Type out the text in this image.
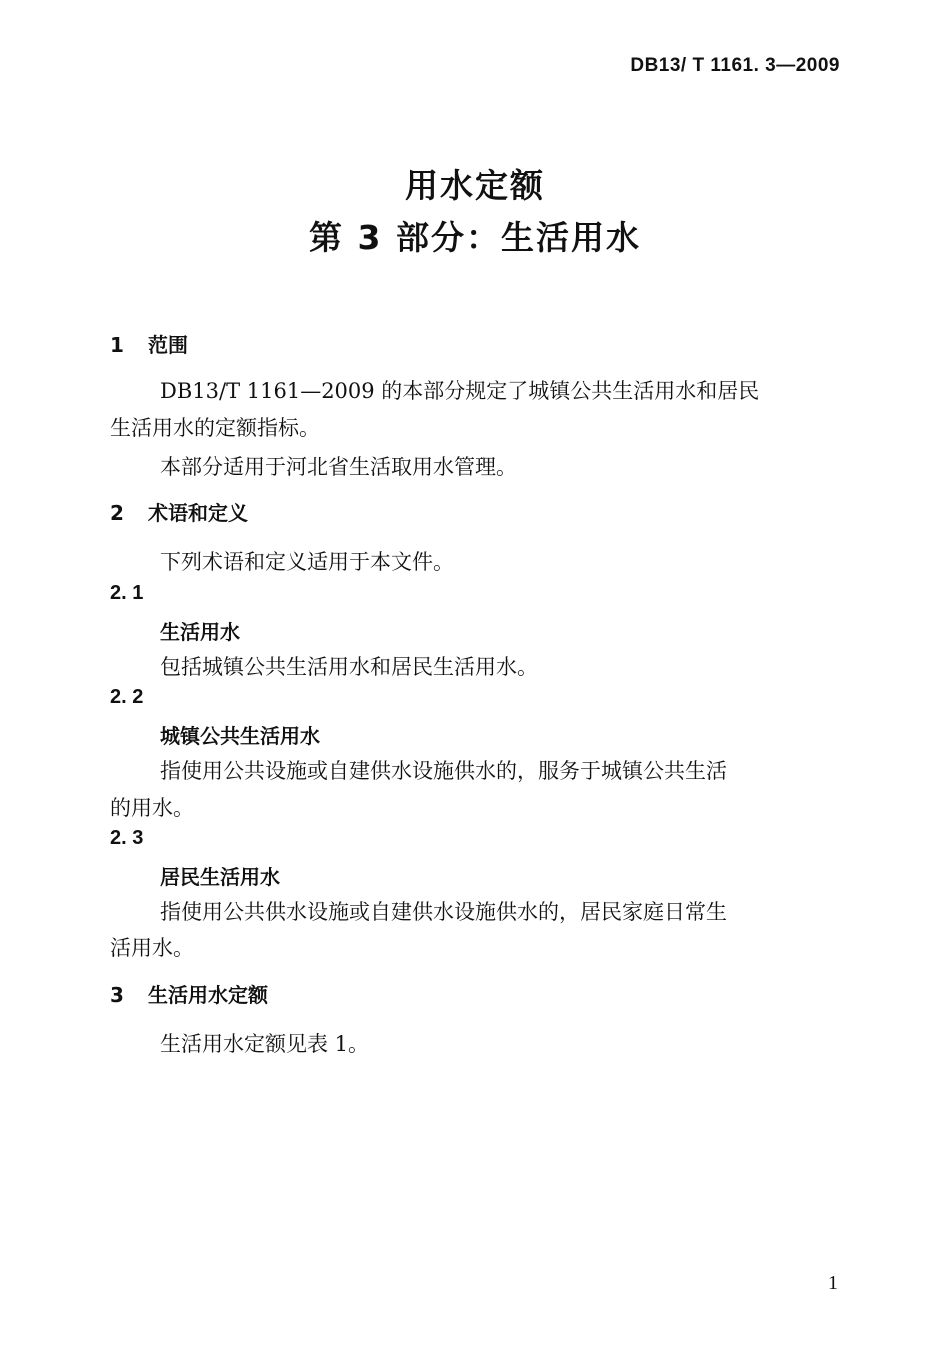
DB13/ T 1161. 3—2009
用水定额
第 3 部分：生活用水
1 范围
DB13/T 1161—2009 的本部分规定了城镇公共生活用水和居民
生活用水的定额指标。
本部分适用于河北省生活取用水管理。
2 术语和定义
下列术语和定义适用于本文件。
2. 1
生活用水
包括城镇公共生活用水和居民生活用水。
2. 2
城镇公共生活用水
指使用公共设施或自建供水设施供水的，服务于城镇公共生活
的用水。
2. 3
居民生活用水
指使用公共供水设施或自建供水设施供水的，居民家庭日常生
活用水。
3 生活用水定额
生活用水定额见表 1。
1
